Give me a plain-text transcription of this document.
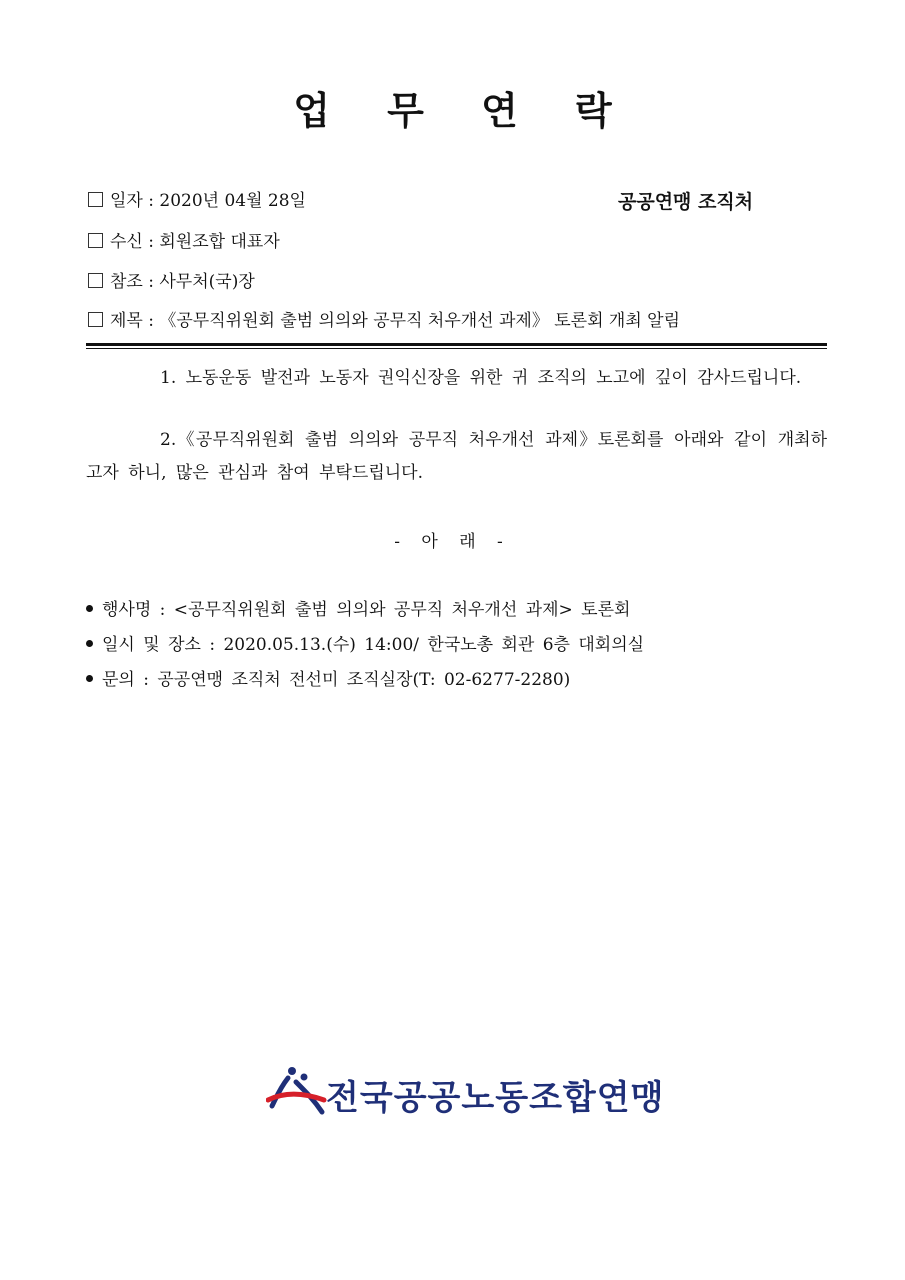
업 무 연 락
일자 : 2020년 04월 28일	공공연맹 조직처
수신 : 회원조합 대표자
참조 : 사무처(국)장
제목 : 《공무직위원회 출범 의의와 공무직 처우개선 과제》 토론회 개최 알림
1. 노동운동 발전과 노동자 권익신장을 위한 귀 조직의 노고에 깊이 감사드립니다.
2.《공무직위원회 출범 의의와 공무직 처우개선 과제》토론회를 아래와 같이 개최하고자 하니, 많은 관심과 참여 부탁드립니다.
- 아 래 -
행사명 : <공무직위원회 출범 의의와 공무직 처우개선 과제> 토론회
일시 및 장소 : 2020.05.13.(수) 14:00/ 한국노총 회관 6층 대회의실
문의 : 공공연맹 조직처 전선미 조직실장(T: 02-6277-2280)
전국공공노동조합연맹
